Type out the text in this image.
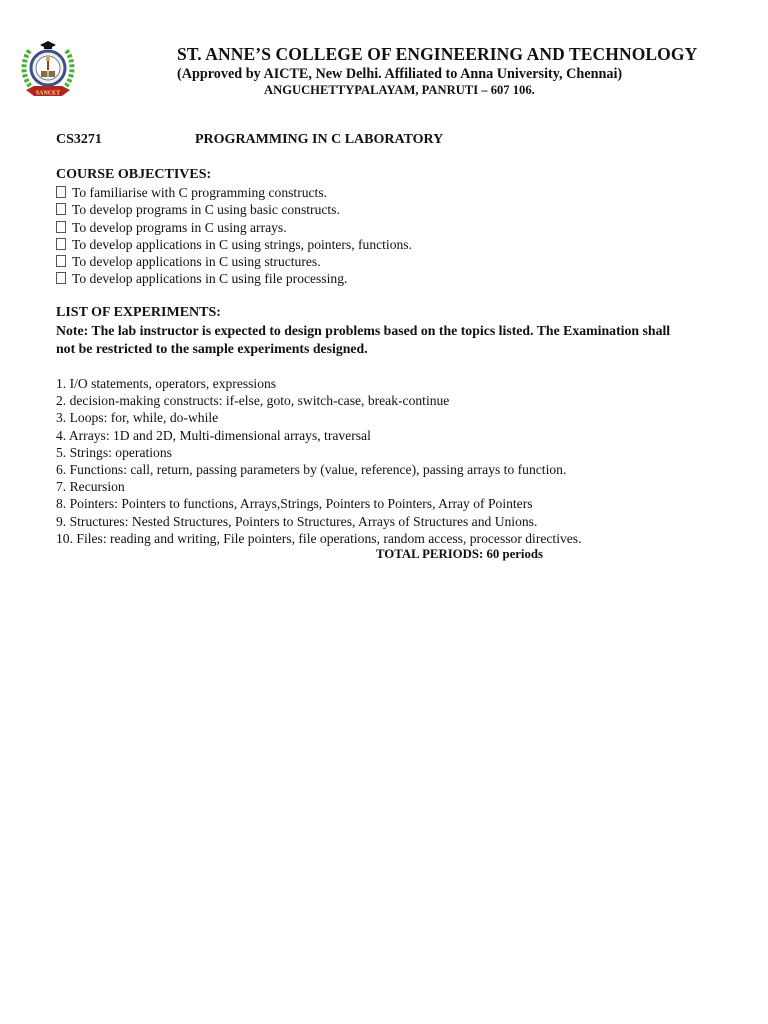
SANCET
ST. ANNE’S COLLEGE OF ENGINEERING AND TECHNOLOGY
(Approved by AICTE, New Delhi. Affiliated to Anna University, Chennai)
ANGUCHETTYPALAYAM, PANRUTI – 607 106.
CS3271	PROGRAMMING IN C LABORATORY
COURSE OBJECTIVES:
To familiarise with C programming constructs.
To develop programs in C using basic constructs.
To develop programs in C using arrays.
To develop applications in C using strings, pointers, functions.
To develop applications in C using structures.
To develop applications in C using file processing.
LIST OF EXPERIMENTS:
Note: The lab instructor is expected to design problems based on the topics listed. The Examination shall not be restricted to the sample experiments designed.
1. I/O statements, operators, expressions
2. decision-making constructs: if-else, goto, switch-case, break-continue
3. Loops: for, while, do-while
4. Arrays: 1D and 2D, Multi-dimensional arrays, traversal
5. Strings: operations
6. Functions: call, return, passing parameters by (value, reference), passing arrays to function.
7. Recursion
8. Pointers: Pointers to functions, Arrays,Strings, Pointers to Pointers, Array of Pointers
9. Structures: Nested Structures, Pointers to Structures, Arrays of Structures and Unions.
10. Files: reading and writing, File pointers, file operations, random access, processor directives.
TOTAL PERIODS: 60 periods
